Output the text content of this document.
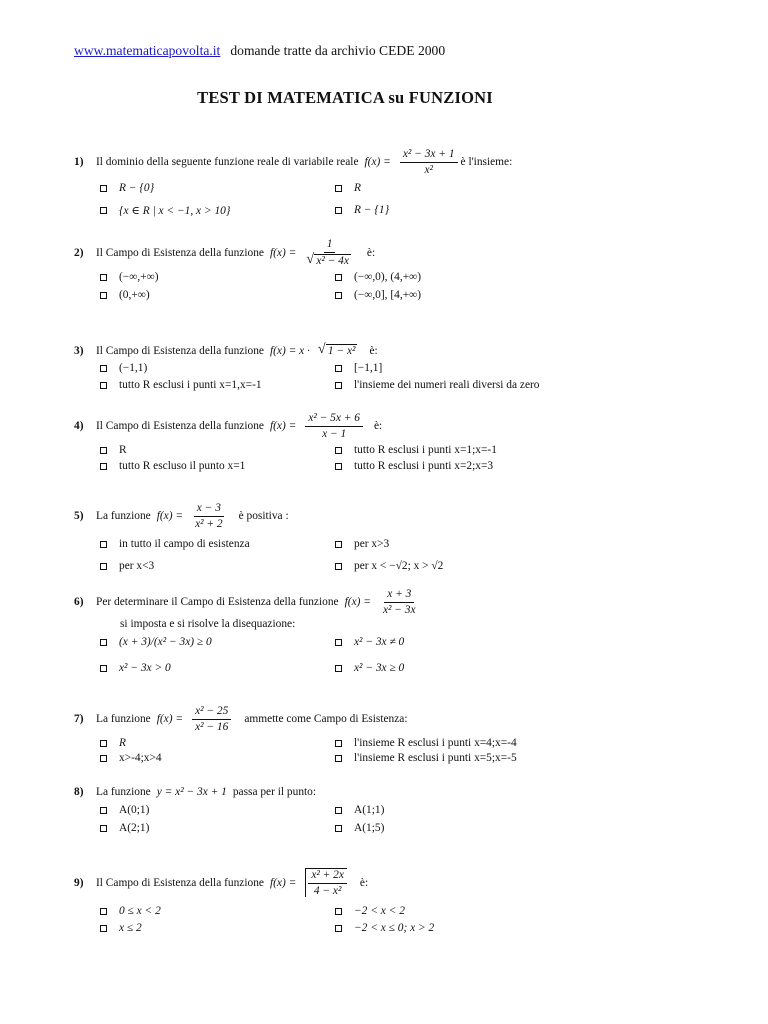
www.matematicapovolta.it domande tratte da archivio CEDE 2000
TEST DI MATEMATICA su FUNZIONI
1)	Il dominio della seguente funzione reale di variabile reale $f(x) = \frac{\text{x² − 3x + 1}}{\text{x²}}$ è l'insieme:
R − {0}	R
{x ∈ R | x < −1, x > 10}	R − {1}
2)	Il Campo di Esistenza della funzione f(x) = 1
√ x² − 4x è:
(−∞,+∞)	(−∞,0), (4,+∞)
(0,+∞)	(−∞,0], [4,+∞)
3)	Il Campo di Esistenza della funzione f(x) = x ·
√ 1 − x² è:
(−1,1)	[−1,1]
tutto R esclusi i punti x=1,x=-1	l'insieme dei numeri reali diversi da zero
4)	Il Campo di Esistenza della funzione $f(x) = \frac{\text{x² − 5x + 6}}{x - 1}$ è:
R	tutto R esclusi i punti x=1;x=-1
tutto R escluso il punto x=1	tutto R esclusi i punti x=2;x=3
5)	La funzione $f(x) = \frac{x - 3}{\text{x² + 2}}$ è positiva :
in tutto il campo di esistenza	per x>3
per x<3	per x < −√2; x > √2
6)	Per determinare il Campo di Esistenza della funzione $f(x) = \frac{x + 3}{\text{x² − 3x}}$
si imposta e si risolve la disequazione:
(x + 3)/(x² − 3x) ≥ 0	x² − 3x ≠ 0
x² − 3x > 0	x² − 3x ≥ 0
7)	La funzione $f(x) = \frac{\text{x² − 25}}{\text{x² − 16}}$ ammette come Campo di Esistenza:
R	l'insieme R esclusi i punti x=4;x=-4
x>-4;x>4	l'insieme R esclusi i punti x=5;x=-5
8)	La funzione y = x² − 3x + 1 passa per il punto:
A(0;1)	A(1;1)
A(2;1)	A(1;5)
9)	Il Campo di Esistenza della funzione $f(x) = \frac{\text{x² + 2x}}{\text{4 − x²}}$ è:
0 ≤ x < 2	−2 < x < 2
x ≤ 2	−2 < x ≤ 0; x > 2
